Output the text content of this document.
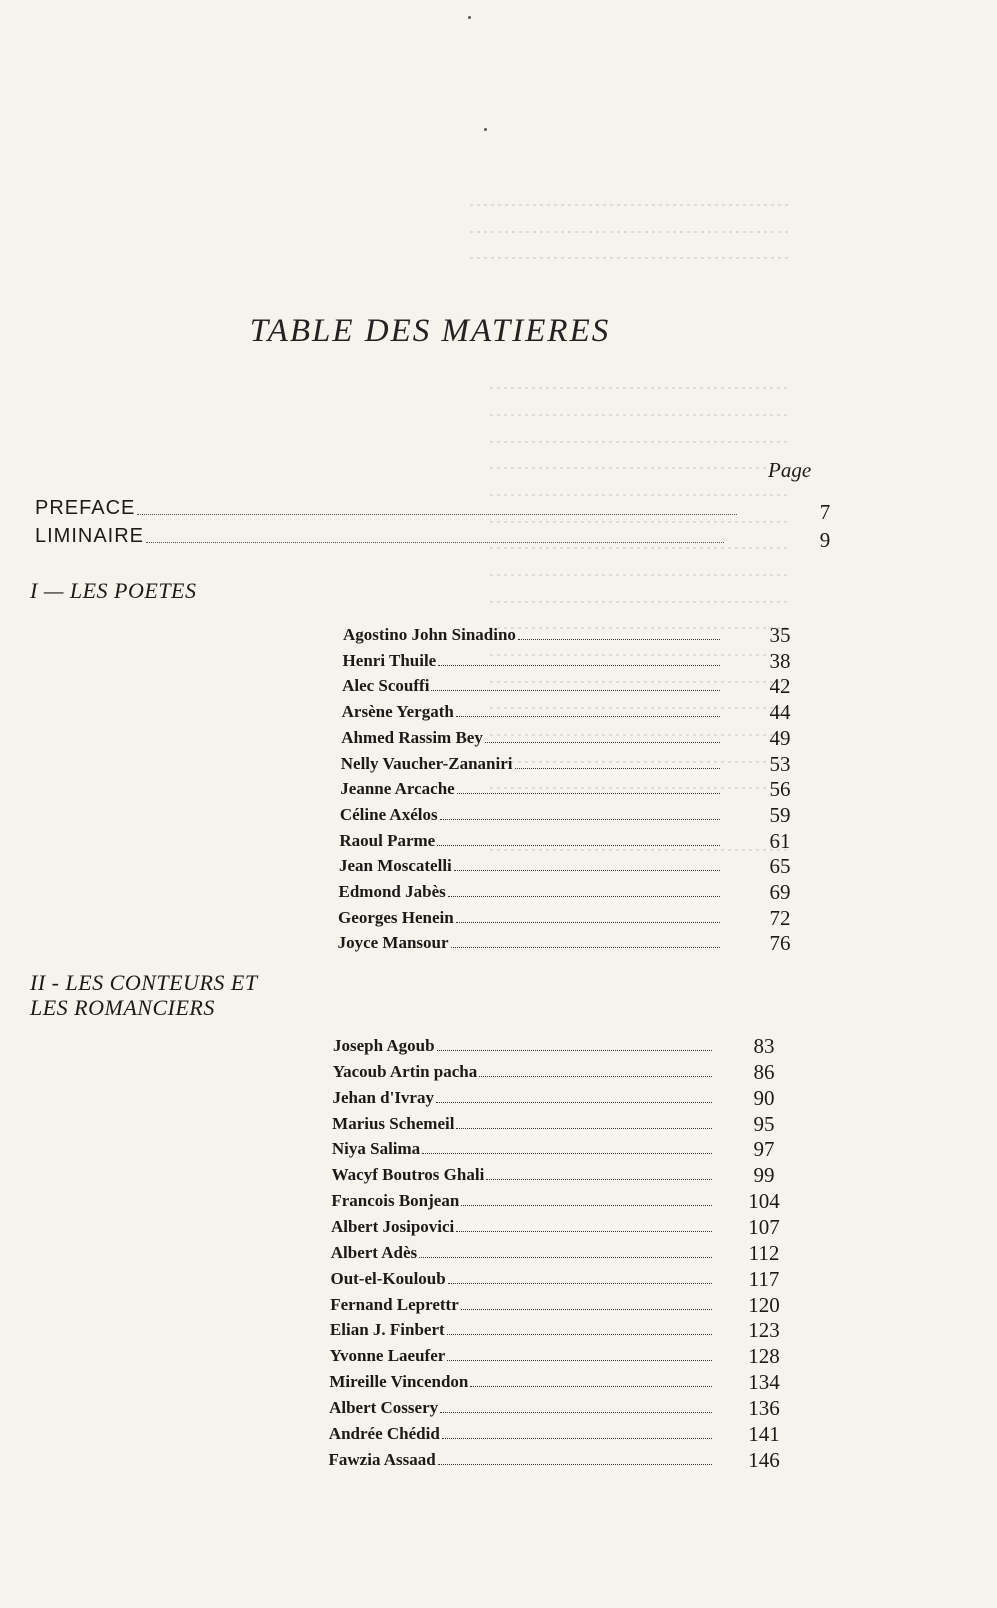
TABLE DES MATIERES
Page
PREFACE	7
LIMINAIRE	9
I — LES POETES
II - LES CONTEURS ET
LES ROMANCIERS
Agostino John Sinadino	35
Henri Thuile	38
Alec Scouffi	42
Arsène Yergath	44
Ahmed Rassim Bey	49
Nelly Vaucher-Zananiri	53
Jeanne Arcache	56
Céline Axélos	59
Raoul Parme	61
Jean Moscatelli	65
Edmond Jabès	69
Georges Henein	72
Joyce Mansour	76
Joseph Agoub	83
Yacoub Artin pacha	86
Jehan d'Ivray	90
Marius Schemeil	95
Niya Salima	97
Wacyf Boutros Ghali	99
Francois Bonjean	104
Albert Josipovici	107
Albert Adès	112
Out-el-Kouloub	117
Fernand Leprettr	120
Elian J. Finbert	123
Yvonne Laeufer	128
Mireille Vincendon	134
Albert Cossery	136
Andrée Chédid	141
Fawzia Assaad	146
